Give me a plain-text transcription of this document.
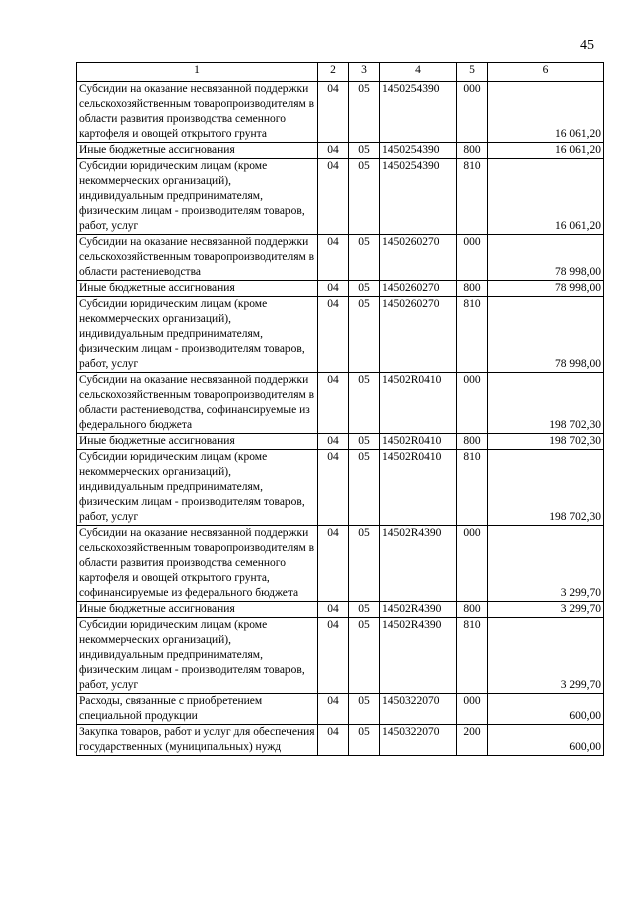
45
1	2	3	4	5	6
Субсидии на оказание несвязанной поддержки сельскохозяйственным товаропроизводителям в области развития производства семенного картофеля и овощей открытого грунта	04	05	1450254390	000	16 061,20
Иные бюджетные ассигнования	04	05	1450254390	800	16 061,20
Субсидии юридическим лицам (кроме некоммерческих организаций), индивидуальным предпринимателям, физическим лицам - производителям товаров, работ, услуг	04	05	1450254390	810	16 061,20
Субсидии на оказание несвязанной поддержки сельскохозяйственным товаропроизводителям в области растениеводства	04	05	1450260270	000	78 998,00
Иные бюджетные ассигнования	04	05	1450260270	800	78 998,00
Субсидии юридическим лицам (кроме некоммерческих организаций), индивидуальным предпринимателям, физическим лицам - производителям товаров, работ, услуг	04	05	1450260270	810	78 998,00
Субсидии на оказание несвязанной поддержки сельскохозяйственным товаропроизводителям в области растениеводства, софинансируемые из федерального бюджета	04	05	14502R0410	000	198 702,30
Иные бюджетные ассигнования	04	05	14502R0410	800	198 702,30
Субсидии юридическим лицам (кроме некоммерческих организаций), индивидуальным предпринимателям, физическим лицам - производителям товаров, работ, услуг	04	05	14502R0410	810	198 702,30
Субсидии на оказание несвязанной поддержки сельскохозяйственным товаропроизводителям в области развития производства семенного картофеля и овощей открытого грунта, софинансируемые из федерального бюджета	04	05	14502R4390	000	3 299,70
Иные бюджетные ассигнования	04	05	14502R4390	800	3 299,70
Субсидии юридическим лицам (кроме некоммерческих организаций), индивидуальным предпринимателям, физическим лицам - производителям товаров, работ, услуг	04	05	14502R4390	810	3 299,70
Расходы, связанные с приобретением специальной продукции	04	05	1450322070	000	600,00
Закупка товаров, работ и услуг для обеспечения государственных (муниципальных) нужд	04	05	1450322070	200	600,00
